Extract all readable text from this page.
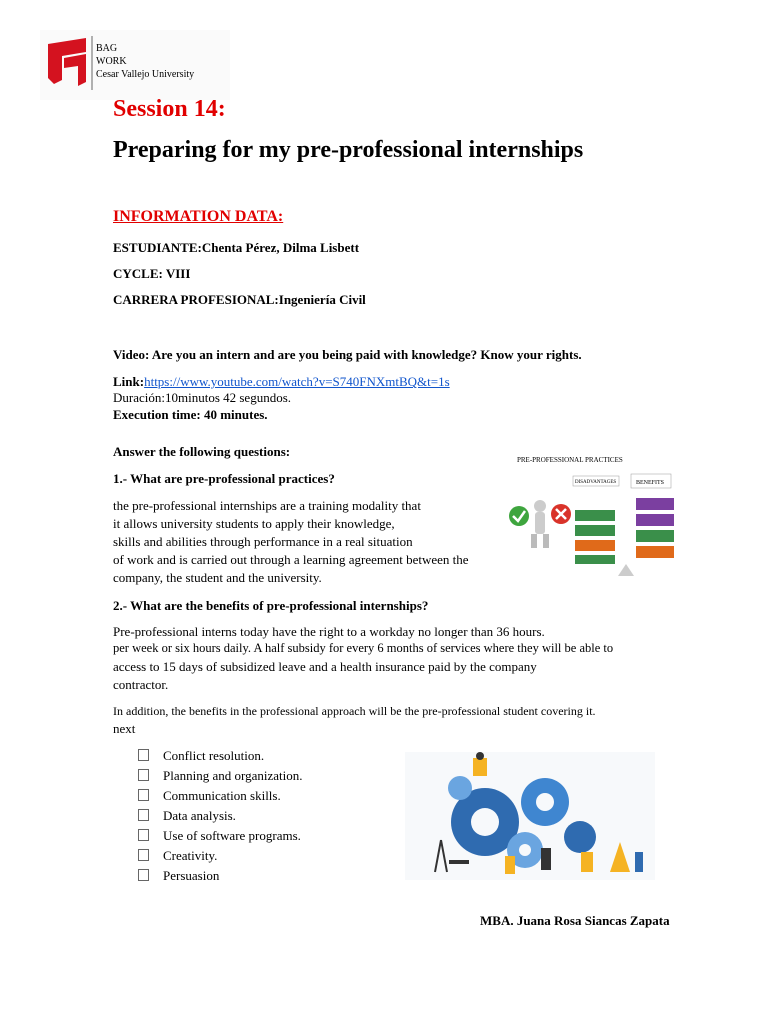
BAG
WORK
Cesar Vallejo University
Session 14:
Preparing for my pre-professional internships
INFORMATION DATA:
ESTUDIANTE:Chenta Pérez, Dilma Lisbett
CYCLE: VIII
CARRERA PROFESIONAL:Ingeniería Civil
Video: Are you an intern and are you being paid with knowledge? Know your rights.
Link:https://www.youtube.com/watch?v=S740FNXmtBQ&t=1s
Duración:10minutos 42 segundos.
Execution time: 40 minutes.
Answer the following questions:
1.- What are pre-professional practices?
the pre-professional internships are a training modality that
it allows university students to apply their knowledge,
skills and abilities through performance in a real situation
of work and is carried out through a learning agreement between the
company, the student and the university.
PRE-PROFESSIONAL PRACTICES
DISADVANTAGES	BENEFITS
2.- What are the benefits of pre-professional internships?
Pre-professional interns today have the right to a workday no longer than 36 hours.
per week or six hours daily. A half subsidy for every 6 months of services where they will be able to
access to 15 days of subsidized leave and a health insurance paid by the company
contractor.
In addition, the benefits in the professional approach will be the pre-professional student covering it.
next
Conflict resolution.
Planning and organization.
Communication skills.
Data analysis.
Use of software programs.
Creativity.
Persuasion
MBA. Juana Rosa Siancas Zapata
